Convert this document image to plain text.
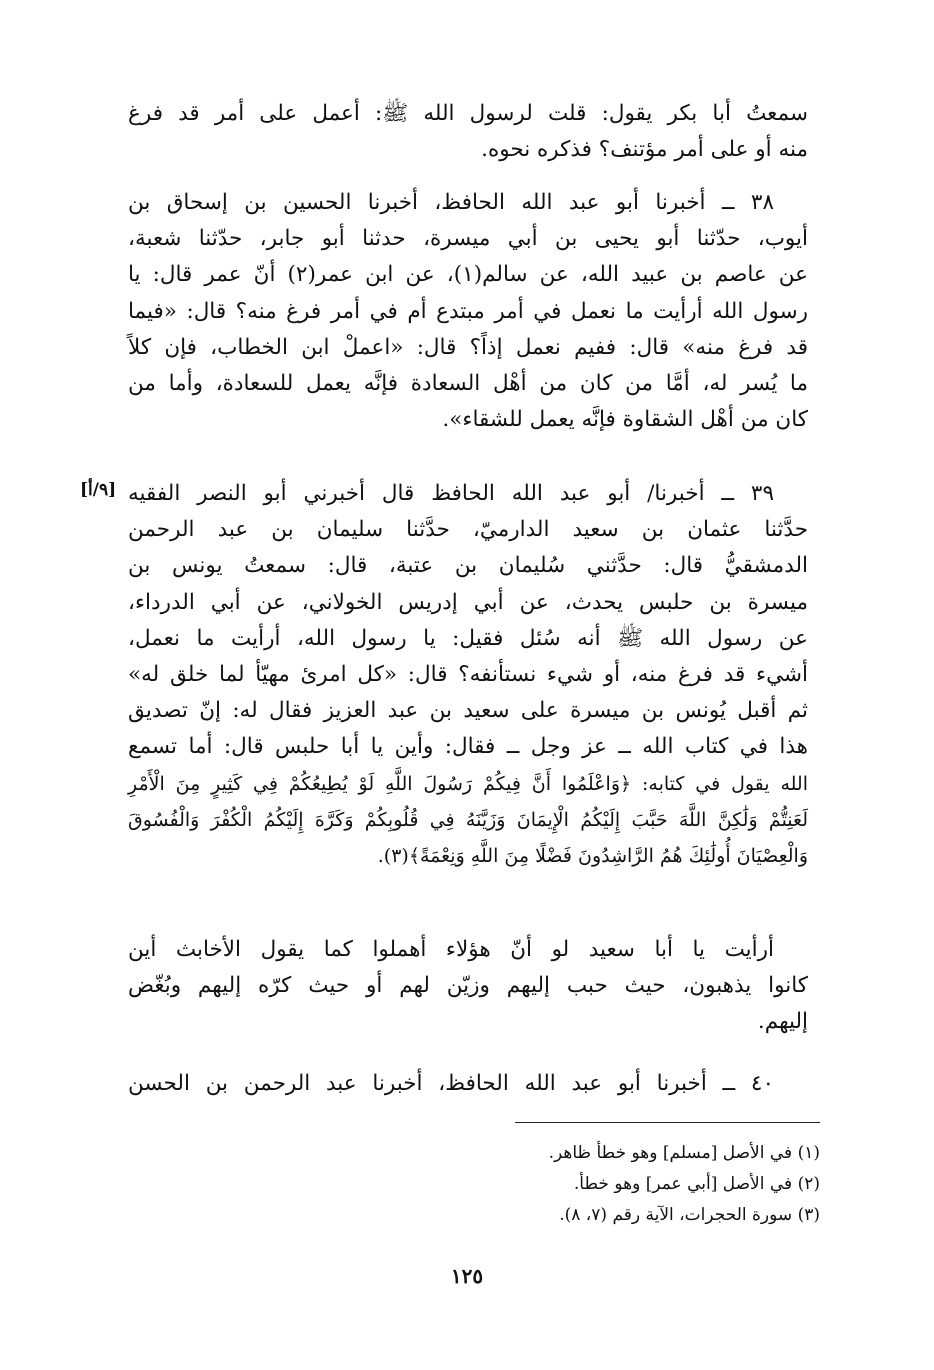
سمعتُ أبا بكر يقول: قلت لرسول الله ﷺ: أعمل على أمر قد فرغ
منه أو على أمر مؤتنف؟ فذكره نحوه.
٣٨ ــ أخبرنا أبو عبد الله الحافظ، أخبرنا الحسين بن إسحاق بن
أيوب، حدّثنا أبو يحيى بن أبي ميسرة، حدثنا أبو جابر، حدّثنا شعبة،
عن عاصم بن عبيد الله، عن سالم(١)، عن ابن عمر(٢) أنّ عمر قال: يا
رسول الله أرأيت ما نعمل في أمر مبتدع أم في أمر فرغ منه؟ قال: «فيما
قد فرغ منه» قال: ففيم نعمل إذاً؟ قال: «اعملْ ابن الخطاب، فإن كلاً
ما يُسر له، أمَّا من كان من أهْل السعادة فإنَّه يعمل للسعادة، وأما من
كان من أهْل الشقاوة فإنَّه يعمل للشقاء».
[٩/أ] ٣٩ ــ أخبرنا/ أبو عبد الله الحافظ قال أخبرني أبو النصر الفقيه
حدَّثنا عثمان بن سعيد الدارميّ، حدَّثنا سليمان بن عبد الرحمن
الدمشقيُّ قال: حدَّثني سُليمان بن عتبة، قال: سمعتُ يونس بن
ميسرة بن حلبس يحدث، عن أبي إدريس الخولاني، عن أبي الدرداء،
عن رسول الله ﷺ أنه سُئل فقيل: يا رسول الله، أرأيت ما نعمل،
أشيء قد فرغ منه، أو شيء نستأنفه؟ قال: «كل امرئ مهيّأ لما خلق له»
ثم أقبل يُونس بن ميسرة على سعيد بن عبد العزيز فقال له: إنّ تصديق
هذا في كتاب الله ــ عز وجل ــ فقال: وأين يا أبا حلبس قال: أما تسمع
الله يقول في كتابه: ﴿وَاعْلَمُوا أَنَّ فِيكُمْ رَسُولَ اللَّهِ لَوْ يُطِيعُكُمْ فِي كَثِيرٍ مِنَ الْأَمْرِ
لَعَنِتُّمْ وَلَٰكِنَّ اللَّهَ حَبَّبَ إِلَيْكُمُ الْإِيمَانَ وَزَيَّنَهُ فِي قُلُوبِكُمْ وَكَرَّهَ إِلَيْكُمُ الْكُفْرَ وَالْفُسُوقَ
وَالْعِصْيَانَ أُولَٰئِكَ هُمُ الرَّاشِدُونَ فَضْلًا مِنَ اللَّهِ وَنِعْمَةً﴾(٣).
أرأيت يا أبا سعيد لو أنّ هؤلاء أهملوا كما يقول الأخابث أين
كانوا يذهبون، حيث حبب إليهم وزيّن لهم أو حيث كرّه إليهم وبُغّض
إليهم.
٤٠ ــ أخبرنا أبو عبد الله الحافظ، أخبرنا عبد الرحمن بن الحسن
(١) في الأصل [مسلم] وهو خطأ ظاهر.
(٢) في الأصل [أبي عمر] وهو خطأ.
(٣) سورة الحجرات، الآية رقم (٧، ٨).
١٢٥
